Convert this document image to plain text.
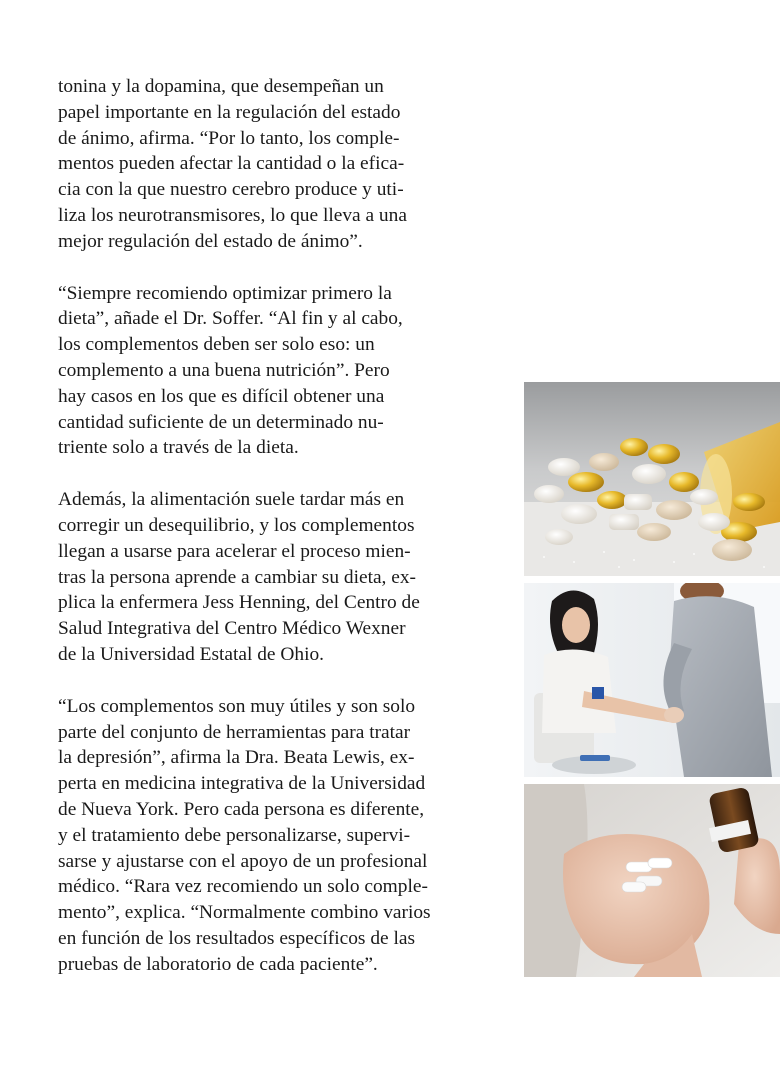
tonina y la dopamina, que desempeñan un
papel importante en la regulación del estado
de ánimo, afirma. “Por lo tanto, los comple-
mentos pueden afectar la cantidad o la efica-
cia con la que nuestro cerebro produce y uti-
liza los neurotransmisores, lo que lleva a una
mejor regulación del estado de ánimo”.

“Siempre recomiendo optimizar primero la
dieta”, añade el Dr. Soffer. “Al fin y al cabo,
los complementos deben ser solo eso: un
complemento a una buena nutrición”. Pero
hay casos en los que es difícil obtener una
cantidad suficiente de un determinado nu-
triente solo a través de la dieta.

Además, la alimentación suele tardar más en
corregir un desequilibrio, y los complementos
llegan a usarse para acelerar el proceso mien-
tras la persona aprende a cambiar su dieta, ex-
plica la enfermera Jess Henning, del Centro de
Salud Integrativa del Centro Médico Wexner
de la Universidad Estatal de Ohio.

“Los complementos son muy útiles y son solo
parte del conjunto de herramientas para tratar
la depresión”, afirma la Dra. Beata Lewis, ex-
perta en medicina integrativa de la Universidad
de Nueva York. Pero cada persona es diferente,
y el tratamiento debe personalizarse, supervi-
sarse y ajustarse con el apoyo de un profesional
médico. “Rara vez recomiendo un solo comple-
mento”, explica. “Normalmente combino varios
en función de los resultados específicos de las
pruebas de laboratorio de cada paciente”.
